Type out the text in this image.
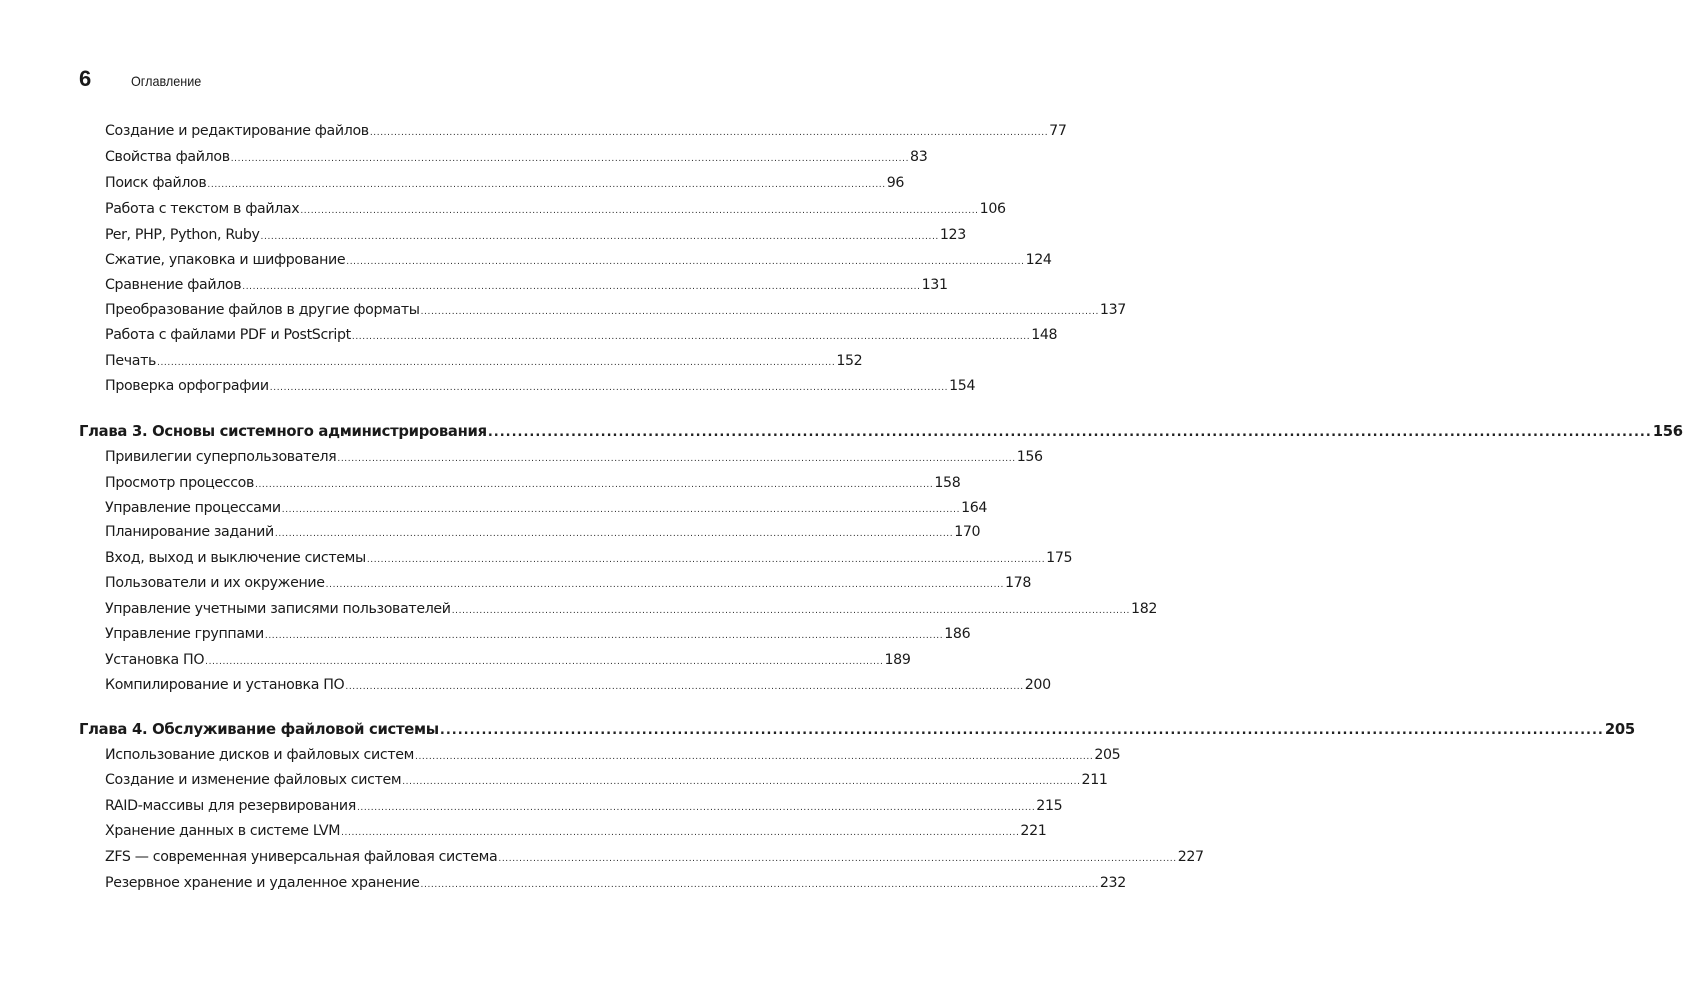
6	Оглавление
Создание и редактирование файлов .................................................................................................................................................................................................... 77
Свойства файлов .................................................................................................................................................................................................... 83
Поиск файлов .................................................................................................................................................................................................... 96
Работа с текстом в файлах .................................................................................................................................................................................................... 106
Per, PHP, Python, Ruby .................................................................................................................................................................................................... 123
Сжатие, упаковка и шифрование .................................................................................................................................................................................................... 124
Сравнение файлов .................................................................................................................................................................................................... 131
Преобразование файлов в другие форматы .................................................................................................................................................................................................... 137
Работа с файлами PDF и PostScript .................................................................................................................................................................................................... 148
Печать .................................................................................................................................................................................................... 152
Проверка орфографии .................................................................................................................................................................................................... 154
Глава 3. Основы системного администрирования .................................................................................................................................................................................................... 156
Привилегии суперпользователя .................................................................................................................................................................................................... 156
Просмотр процессов .................................................................................................................................................................................................... 158
Управление процессами .................................................................................................................................................................................................... 164
Планирование заданий .................................................................................................................................................................................................... 170
Вход, выход и выключение системы .................................................................................................................................................................................................... 175
Пользователи и их окружение .................................................................................................................................................................................................... 178
Управление учетными записями пользователей .................................................................................................................................................................................................... 182
Управление группами .................................................................................................................................................................................................... 186
Установка ПО .................................................................................................................................................................................................... 189
Компилирование и установка ПО .................................................................................................................................................................................................... 200
Глава 4. Обслуживание файловой системы .................................................................................................................................................................................................... 205
Использование дисков и файловых систем .................................................................................................................................................................................................... 205
Создание и изменение файловых систем .................................................................................................................................................................................................... 211
RAID-массивы для резервирования .................................................................................................................................................................................................... 215
Хранение данных в системе LVM .................................................................................................................................................................................................... 221
ZFS — современная универсальная файловая система .................................................................................................................................................................................................... 227
Резервное хранение и удаленное хранение .................................................................................................................................................................................................... 232
